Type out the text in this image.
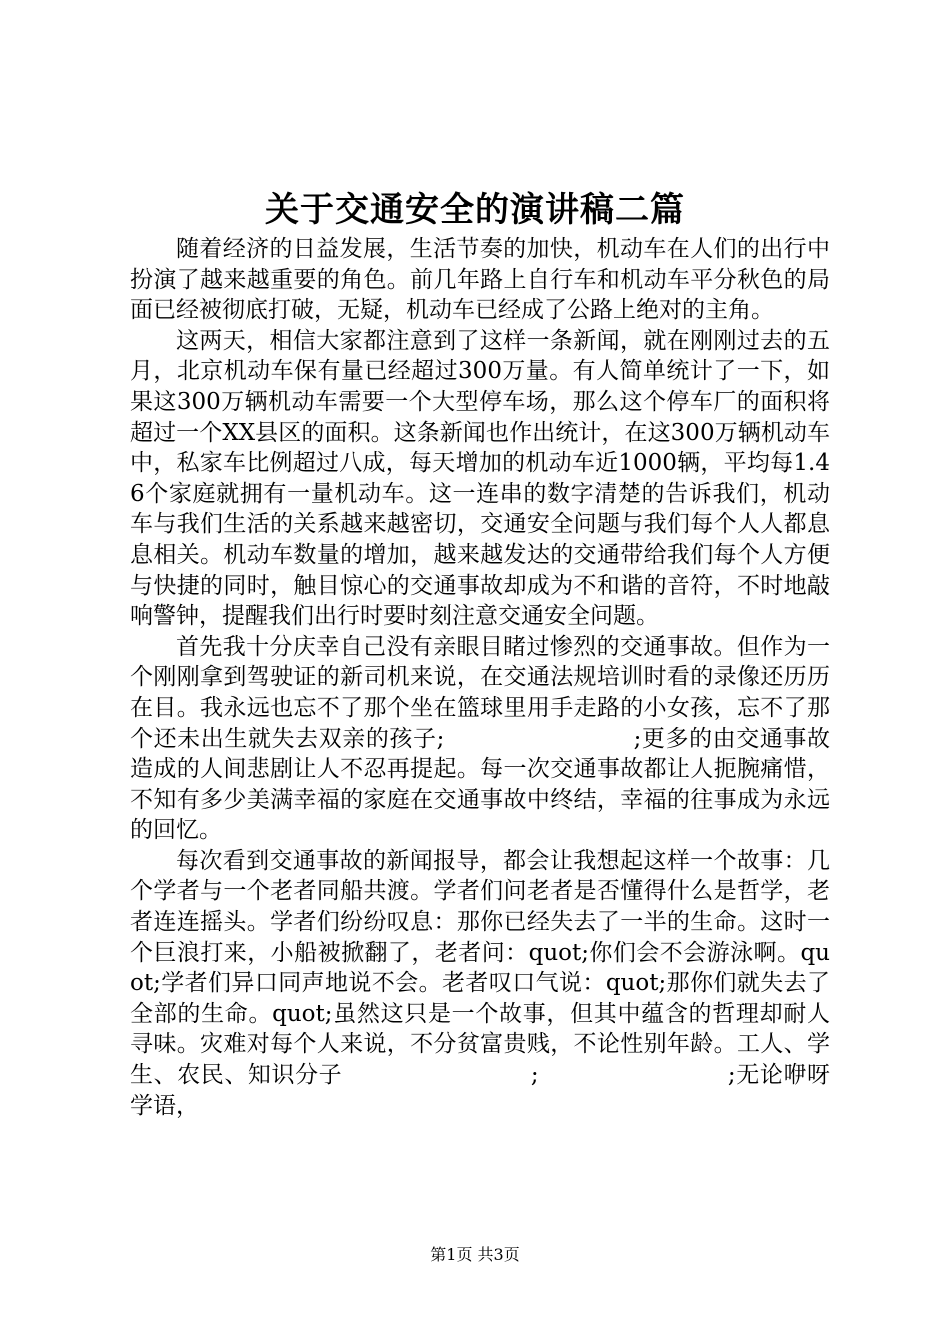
关于交通安全的演讲稿二篇

随着经济的日益发展，生活节奏的加快，机动车在人们的出行中扮演了越来越重要的角色。前几年路上自行车和机动车平分秋色的局面已经被彻底打破，无疑，机动车已经成了公路上绝对的主角。

这两天，相信大家都注意到了这样一条新闻，就在刚刚过去的五月，北京机动车保有量已经超过300万量。有人简单统计了一下，如果这300万辆机动车需要一个大型停车场，那么这个停车厂的面积将超过一个XX县区的面积。这条新闻也作出统计，在这300万辆机动车中，私家车比例超过八成，每天增加的机动车近1000辆，平均每1.46个家庭就拥有一量机动车。这一连串的数字清楚的告诉我们，机动车与我们生活的关系越来越密切，交通安全问题与我们每个人人都息息相关。机动车数量的增加，越来越发达的交通带给我们每个人方便与快捷的同时，触目惊心的交通事故却成为不和谐的音符，不时地敲响警钟，提醒我们出行时要时刻注意交通安全问题。

首先我十分庆幸自己没有亲眼目睹过惨烈的交通事故。但作为一个刚刚拿到驾驶证的新司机来说，在交通法规培训时看的录像还历历在目。我永远也忘不了那个坐在篮球里用手走路的小女孩，忘不了那个还未出生就失去双亲的孩子;　　　　　　　　;更多的由交通事故造成的人间悲剧让人不忍再提起。每一次交通事故都让人扼腕痛惜，不知有多少美满幸福的家庭在交通事故中终结，幸福的往事成为永远的回忆。

每次看到交通事故的新闻报导，都会让我想起这样一个故事：几个学者与一个老者同船共渡。学者们问老者是否懂得什么是哲学，老者连连摇头。学者们纷纷叹息：那你已经失去了一半的生命。这时一个巨浪打来，小船被掀翻了，老者问：quot;你们会不会游泳啊。quot;学者们异口同声地说不会。老者叹口气说：quot;那你们就失去了全部的生命。quot;虽然这只是一个故事，但其中蕴含的哲理却耐人寻味。灾难对每个人来说，不分贫富贵贱，不论性别年龄。工人、学生、农民、知识分子　　　　　　　　;　　　　　　　　;无论咿呀学语，

第1页 共3页
